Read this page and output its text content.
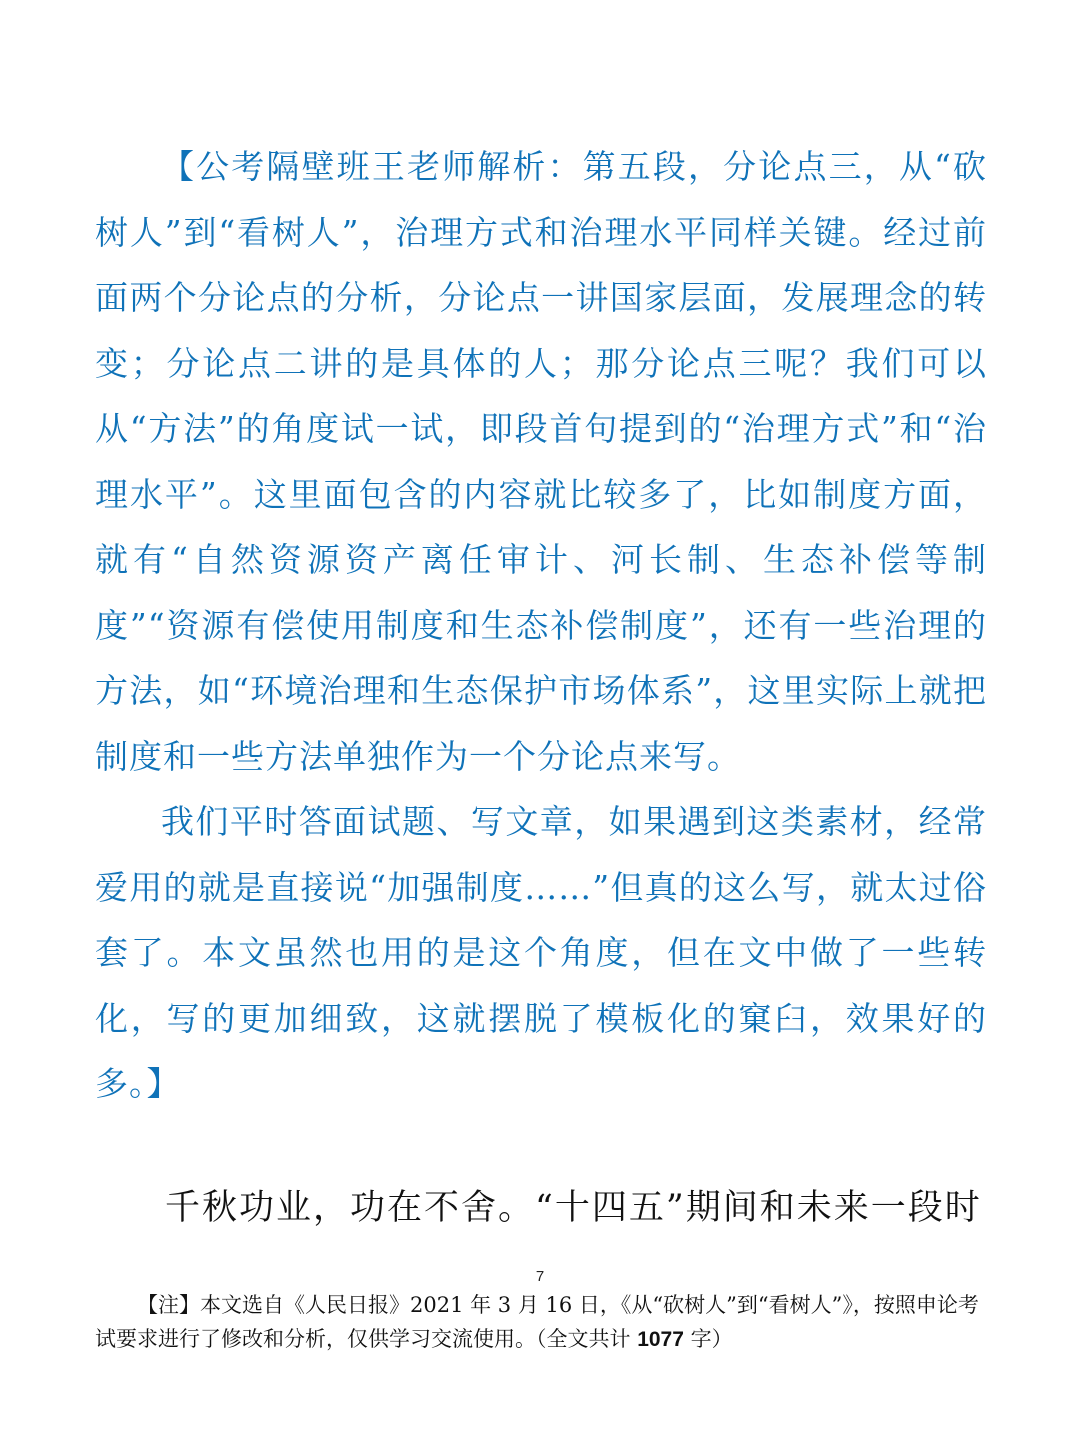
【公考隔壁班王老师解析：第五段，分论点三，从“砍树人”到“看树人”，治理方式和治理水平同样关键。经过前面两个分论点的分析，分论点一讲国家层面，发展理念的转变；分论点二讲的是具体的人；那分论点三呢？我们可以从“方法”的角度试一试，即段首句提到的“治理方式”和“治理水平”。这里面包含的内容就比较多了，比如制度方面，就有“自然资源资产离任审计、河长制、生态补偿等制度”“资源有偿使用制度和生态补偿制度”，还有一些治理的方法，如“环境治理和生态保护市场体系”，这里实际上就把制度和一些方法单独作为一个分论点来写。

我们平时答面试题、写文章，如果遇到这类素材，经常爱用的就是直接说“加强制度……”但真的这么写，就太过俗套了。本文虽然也用的是这个角度，但在文中做了一些转化，写的更加细致，这就摆脱了模板化的窠臼，效果好的多。】

千秋功业，功在不舍。“十四五”期间和未来一段时

7

【注】本文选自《人民日报》2021 年 3 月 16 日，《从“砍树人”到“看树人”》，按照申论考试要求进行了修改和分析，仅供学习交流使用。（全文共计 1077 字）
